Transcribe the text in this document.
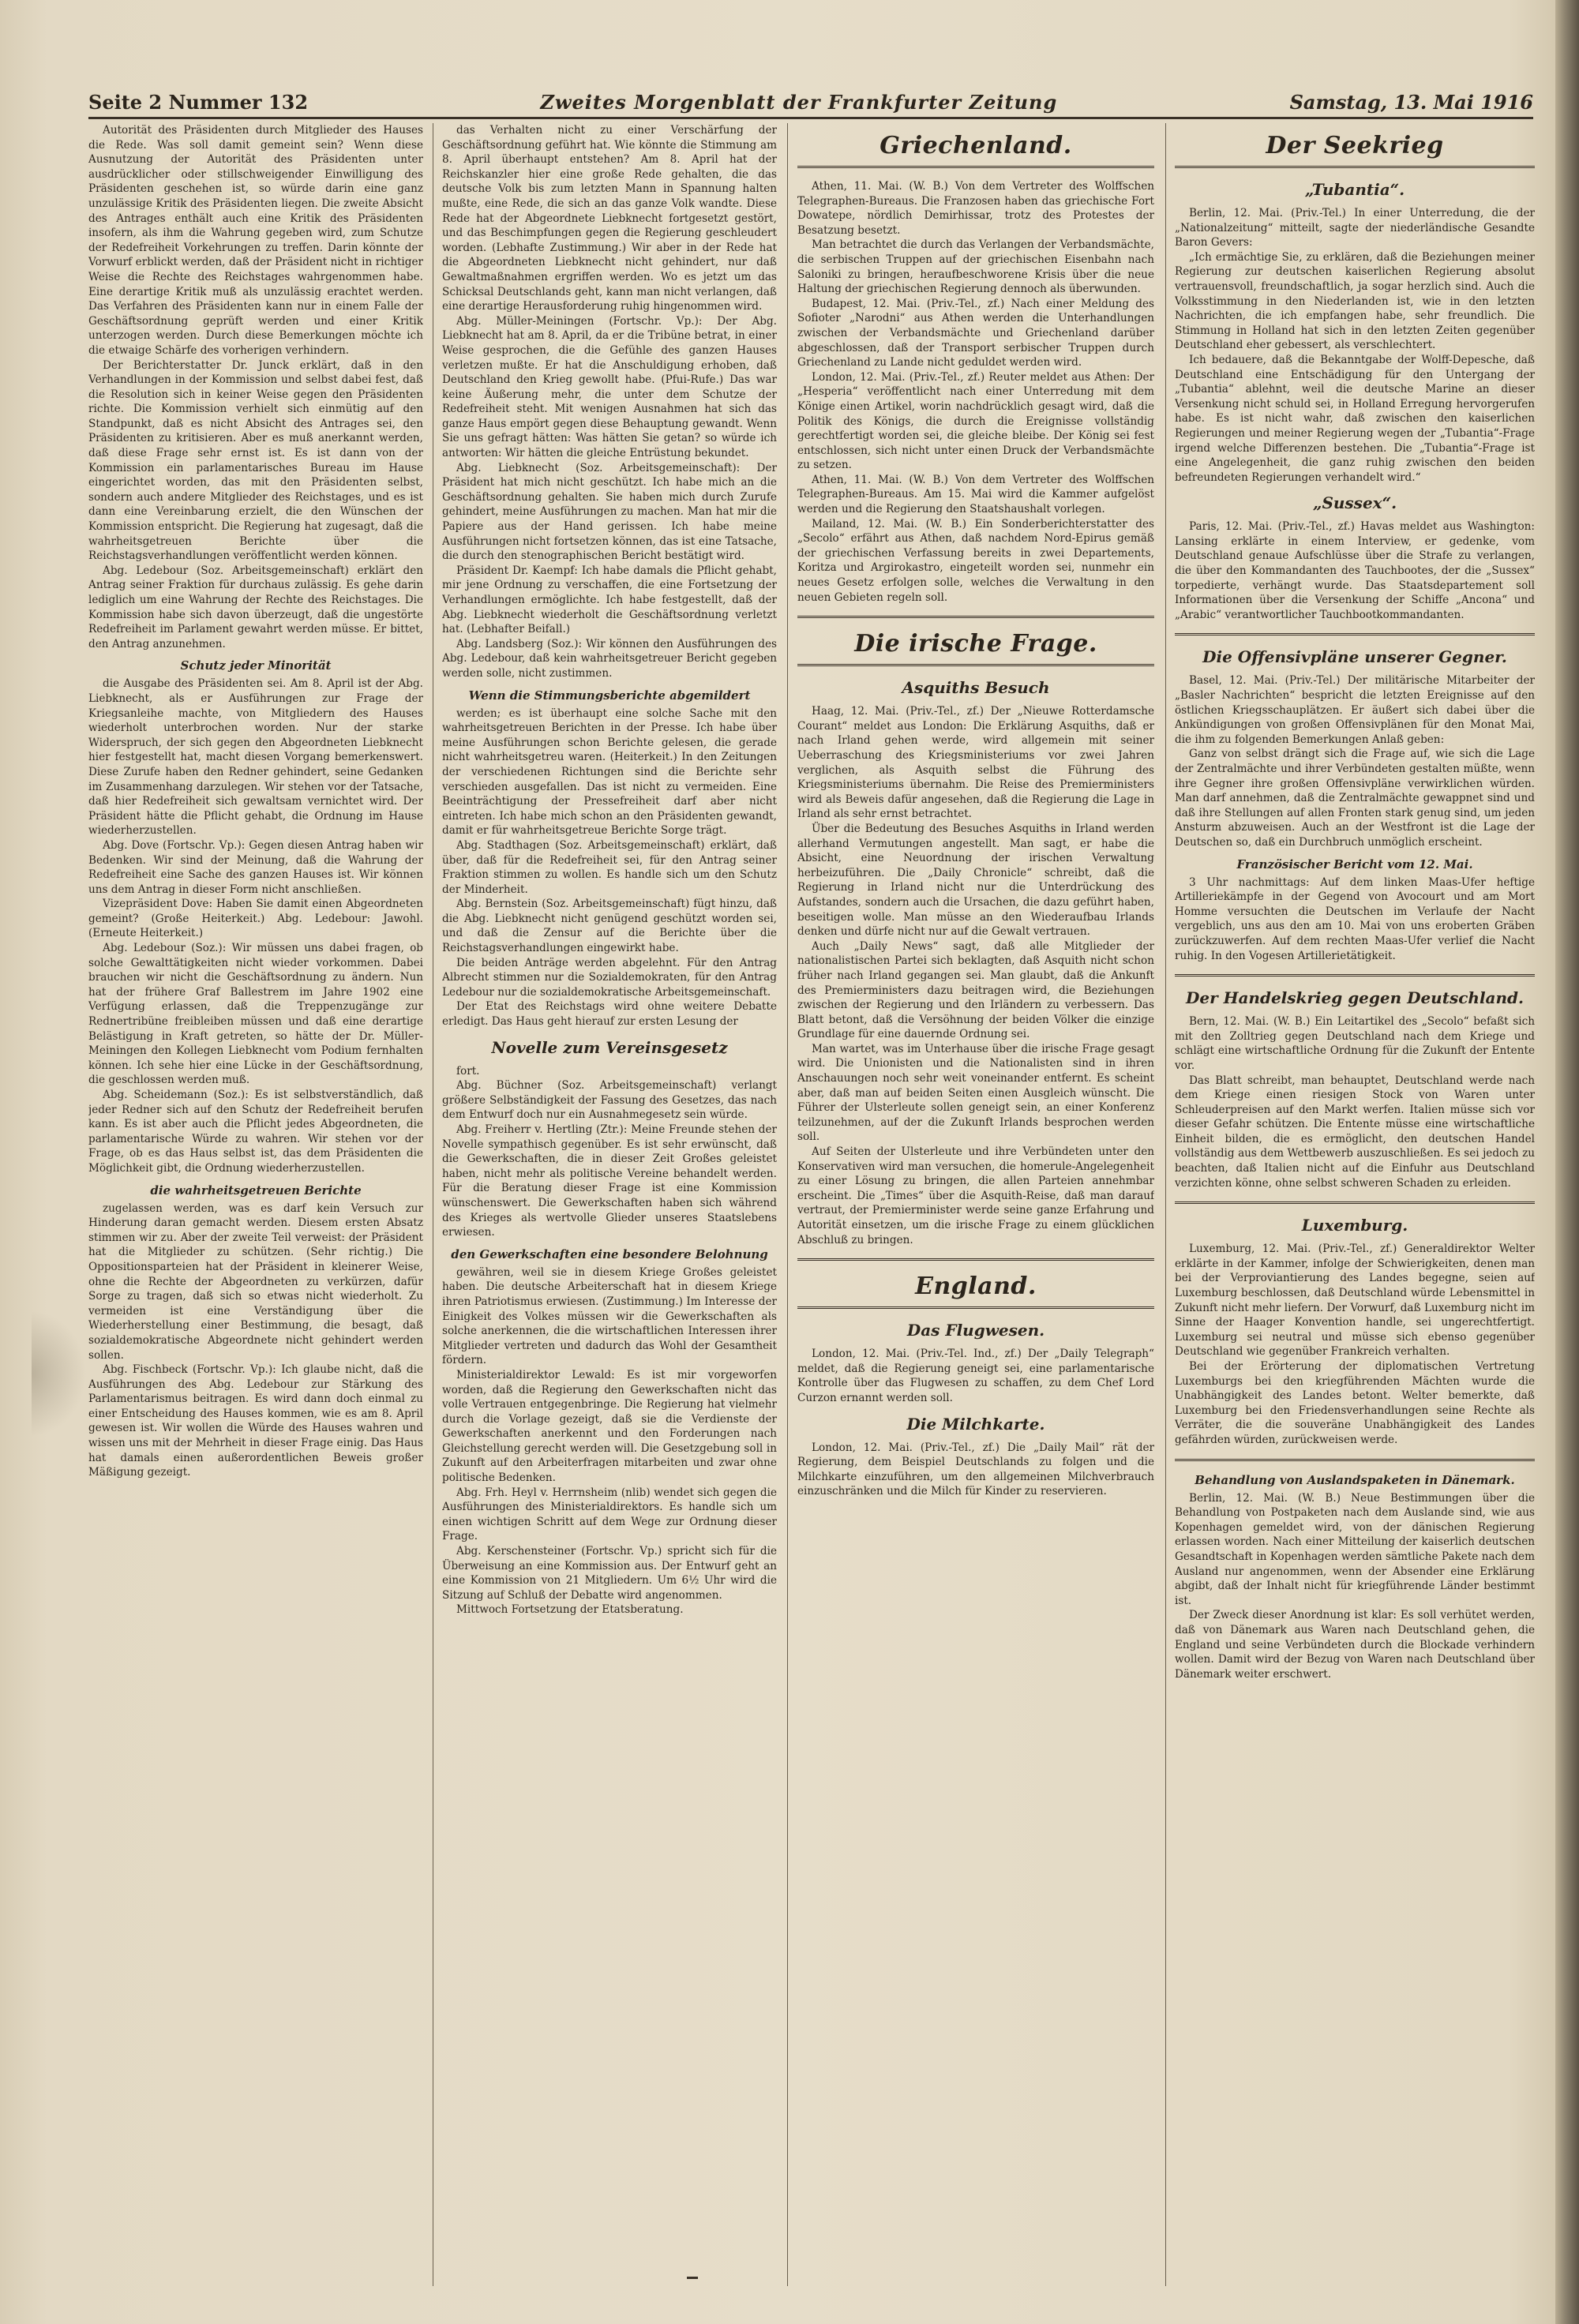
Seite 2 Nummer 132	Zweites Morgenblatt der Frankfurter Zeitung	Samstag, 13. Mai 1916

Autorität des Präsidenten durch Mitglieder des Hauses die Rede. Was soll damit gemeint sein? Wenn diese Ausnutzung der Autorität des Präsidenten unter ausdrücklicher oder stillschweigender Einwilligung des Präsidenten geschehen ist, so würde darin eine ganz unzulässige Kritik des Präsidenten liegen. Die zweite Absicht des Antrages enthält auch eine Kritik des Präsidenten insofern, als ihm die Wahrung gegeben wird, zum Schutze der Redefreiheit Vorkehrungen zu treffen. Darin könnte der Vorwurf erblickt werden, daß der Präsident nicht in richtiger Weise die Rechte des Reichstages wahrgenommen habe. Eine derartige Kritik muß als unzulässig erachtet werden. Das Verfahren des Präsidenten kann nur in einem Falle der Geschäftsordnung geprüft werden und einer Kritik unterzogen werden. Durch diese Bemerkungen möchte ich die etwaige Schärfe des vorherigen verhindern.

Der Berichterstatter Dr. Junck erklärt, daß in den Verhandlungen in der Kommission und selbst dabei fest, daß die Resolution sich in keiner Weise gegen den Präsidenten richte. Die Kommission verhielt sich einmütig auf den Standpunkt, daß es nicht Absicht des Antrages sei, den Präsidenten zu kritisieren. Aber es muß anerkannt werden, daß diese Frage sehr ernst ist. Es ist dann von der Kommission ein parlamentarisches Bureau im Hause eingerichtet worden, das mit den Präsidenten selbst, sondern auch andere Mitglieder des Reichstages, und es ist dann eine Vereinbarung erzielt, die den Wünschen der Kommission entspricht. Die Regierung hat zugesagt, daß die wahrheitsgetreuen Berichte über die Reichstagsverhandlungen veröffentlicht werden können.

Abg. Ledebour (Soz. Arbeitsgemeinschaft) erklärt den Antrag seiner Fraktion für durchaus zulässig. Es gehe darin lediglich um eine Wahrung der Rechte des Reichstages. Die Kommission habe sich davon überzeugt, daß die ungestörte Redefreiheit im Parlament gewahrt werden müsse. Er bittet, den Antrag anzunehmen.

Schutz jeder Minorität

die Ausgabe des Präsidenten sei. Am 8. April ist der Abg. Liebknecht, als er Ausführungen zur Frage der Kriegsanleihe machte, von Mitgliedern des Hauses wiederholt unterbrochen worden. Nur der starke Widerspruch, der sich gegen den Abgeordneten Liebknecht hier festgestellt hat, macht diesen Vorgang bemerkenswert. Diese Zurufe haben den Redner gehindert, seine Gedanken im Zusammenhang darzulegen. Wir stehen vor der Tatsache, daß hier Redefreiheit sich gewaltsam vernichtet wird. Der Präsident hätte die Pflicht gehabt, die Ordnung im Hause wiederherzustellen.

Abg. Dove (Fortschr. Vp.): Gegen diesen Antrag haben wir Bedenken. Wir sind der Meinung, daß die Wahrung der Redefreiheit eine Sache des ganzen Hauses ist. Wir können uns dem Antrag in dieser Form nicht anschließen.

Vizepräsident Dove: Haben Sie damit einen Abgeordneten gemeint? (Große Heiterkeit.) Abg. Ledebour: Jawohl. (Erneute Heiterkeit.)

Abg. Ledebour (Soz.): Wir müssen uns dabei fragen, ob solche Gewalttätigkeiten nicht wieder vorkommen. Dabei brauchen wir nicht die Geschäftsordnung zu ändern. Nun hat der frühere Graf Ballestrem im Jahre 1902 eine Verfügung erlassen, daß die Treppenzugänge zur Rednertribüne freibleiben müssen und daß eine derartige Belästigung in Kraft getreten, so hätte der Dr. Müller-Meiningen den Kollegen Liebknecht vom Podium fernhalten können. Ich sehe hier eine Lücke in der Geschäftsordnung, die geschlossen werden muß.

Abg. Scheidemann (Soz.): Es ist selbstverständlich, daß jeder Redner sich auf den Schutz der Redefreiheit berufen kann. Es ist aber auch die Pflicht jedes Abgeordneten, die parlamentarische Würde zu wahren. Wir stehen vor der Frage, ob es das Haus selbst ist, das dem Präsidenten die Möglichkeit gibt, die Ordnung wiederherzustellen.

die wahrheitsgetreuen Berichte

zugelassen werden, was es darf kein Versuch zur Hinderung daran gemacht werden. Diesem ersten Absatz stimmen wir zu. Aber der zweite Teil verweist: der Präsident hat die Mitglieder zu schützen. (Sehr richtig.) Die Oppositionsparteien hat der Präsident in kleinerer Weise, ohne die Rechte der Abgeordneten zu verkürzen, dafür Sorge zu tragen, daß sich so etwas nicht wiederholt. Zu vermeiden ist eine Verständigung über die Wiederherstellung einer Bestimmung, die besagt, daß sozialdemokratische Abgeordnete nicht gehindert werden sollen.

Abg. Fischbeck (Fortschr. Vp.): Ich glaube nicht, daß die Ausführungen des Abg. Ledebour zur Stärkung des Parlamentarismus beitragen. Es wird dann doch einmal zu einer Entscheidung des Hauses kommen, wie es am 8. April gewesen ist. Wir wollen die Würde des Hauses wahren und wissen uns mit der Mehrheit in dieser Frage einig. Das Haus hat damals einen außerordentlichen Beweis großer Mäßigung gezeigt.

das Verhalten nicht zu einer Verschärfung der Geschäftsordnung geführt hat. Wie könnte die Stimmung am 8. April überhaupt entstehen? Am 8. April hat der Reichskanzler hier eine große Rede gehalten, die das deutsche Volk bis zum letzten Mann in Spannung halten mußte, eine Rede, die sich an das ganze Volk wandte. Diese Rede hat der Abgeordnete Liebknecht fortgesetzt gestört, und das Beschimpfungen gegen die Regierung geschleudert worden. (Lebhafte Zustimmung.) Wir aber in der Rede hat die Abgeordneten Liebknecht nicht gehindert, nur daß Gewaltmaßnahmen ergriffen werden. Wo es jetzt um das Schicksal Deutschlands geht, kann man nicht verlangen, daß eine derartige Herausforderung ruhig hingenommen wird.

Abg. Müller-Meiningen (Fortschr. Vp.): Der Abg. Liebknecht hat am 8. April, da er die Tribüne betrat, in einer Weise gesprochen, die die Gefühle des ganzen Hauses verletzen mußte. Er hat die Anschuldigung erhoben, daß Deutschland den Krieg gewollt habe. (Pfui-Rufe.) Das war keine Äußerung mehr, die unter dem Schutze der Redefreiheit steht. Mit wenigen Ausnahmen hat sich das ganze Haus empört gegen diese Behauptung gewandt. Wenn Sie uns gefragt hätten: Was hätten Sie getan? so würde ich antworten: Wir hätten die gleiche Entrüstung bekundet.

Abg. Liebknecht (Soz. Arbeitsgemeinschaft): Der Präsident hat mich nicht geschützt. Ich habe mich an die Geschäftsordnung gehalten. Sie haben mich durch Zurufe gehindert, meine Ausführungen zu machen. Man hat mir die Papiere aus der Hand gerissen. Ich habe meine Ausführungen nicht fortsetzen können, das ist eine Tatsache, die durch den stenographischen Bericht bestätigt wird.

Präsident Dr. Kaempf: Ich habe damals die Pflicht gehabt, mir jene Ordnung zu verschaffen, die eine Fortsetzung der Verhandlungen ermöglichte. Ich habe festgestellt, daß der Abg. Liebknecht wiederholt die Geschäftsordnung verletzt hat. (Lebhafter Beifall.)

Abg. Landsberg (Soz.): Wir können den Ausführungen des Abg. Ledebour, daß kein wahrheitsgetreuer Bericht gegeben werden solle, nicht zustimmen.

Wenn die Stimmungsberichte abgemildert

werden; es ist überhaupt eine solche Sache mit den wahrheitsgetreuen Berichten in der Presse. Ich habe über meine Ausführungen schon Berichte gelesen, die gerade nicht wahrheitsgetreu waren. (Heiterkeit.) In den Zeitungen der verschiedenen Richtungen sind die Berichte sehr verschieden ausgefallen. Das ist nicht zu vermeiden. Eine Beeinträchtigung der Pressefreiheit darf aber nicht eintreten. Ich habe mich schon an den Präsidenten gewandt, damit er für wahrheitsgetreue Berichte Sorge trägt.

Abg. Stadthagen (Soz. Arbeitsgemeinschaft) erklärt, daß über, daß für die Redefreiheit sei, für den Antrag seiner Fraktion stimmen zu wollen. Es handle sich um den Schutz der Minderheit.

Abg. Bernstein (Soz. Arbeitsgemeinschaft) fügt hinzu, daß die Abg. Liebknecht nicht genügend geschützt worden sei, und daß die Zensur auf die Berichte über die Reichstagsverhandlungen eingewirkt habe.

Die beiden Anträge werden abgelehnt. Für den Antrag Albrecht stimmen nur die Sozialdemokraten, für den Antrag Ledebour nur die sozialdemokratische Arbeitsgemeinschaft.

Der Etat des Reichstags wird ohne weitere Debatte erledigt. Das Haus geht hierauf zur ersten Lesung der

Novelle zum Vereinsgesetz

fort.

Abg. Büchner (Soz. Arbeitsgemeinschaft) verlangt größere Selbständigkeit der Fassung des Gesetzes, das nach dem Entwurf doch nur ein Ausnahmegesetz sein würde.

Abg. Freiherr v. Hertling (Ztr.): Meine Freunde stehen der Novelle sympathisch gegenüber. Es ist sehr erwünscht, daß die Gewerkschaften, die in dieser Zeit Großes geleistet haben, nicht mehr als politische Vereine behandelt werden. Für die Beratung dieser Frage ist eine Kommission wünschenswert. Die Gewerkschaften haben sich während des Krieges als wertvolle Glieder unseres Staatslebens erwiesen.

den Gewerkschaften eine besondere Belohnung

gewähren, weil sie in diesem Kriege Großes geleistet haben. Die deutsche Arbeiterschaft hat in diesem Kriege ihren Patriotismus erwiesen. (Zustimmung.) Im Interesse der Einigkeit des Volkes müssen wir die Gewerkschaften als solche anerkennen, die die wirtschaftlichen Interessen ihrer Mitglieder vertreten und dadurch das Wohl der Gesamtheit fördern.

Ministerialdirektor Lewald: Es ist mir vorgeworfen worden, daß die Regierung den Gewerkschaften nicht das volle Vertrauen entgegenbringe. Die Regierung hat vielmehr durch die Vorlage gezeigt, daß sie die Verdienste der Gewerkschaften anerkennt und den Forderungen nach Gleichstellung gerecht werden will. Die Gesetzgebung soll in Zukunft auf den Arbeiterfragen mitarbeiten und zwar ohne politische Bedenken.

Abg. Frh. Heyl v. Herrnsheim (nlib) wendet sich gegen die Ausführungen des Ministerialdirektors. Es handle sich um einen wichtigen Schritt auf dem Wege zur Ordnung dieser Frage.

Abg. Kerschensteiner (Fortschr. Vp.) spricht sich für die Überweisung an eine Kommission aus. Der Entwurf geht an eine Kommission von 21 Mitgliedern. Um 6½ Uhr wird die Sitzung auf Schluß der Debatte wird angenommen.

Mittwoch Fortsetzung der Etatsberatung.

Griechenland.

Athen, 11. Mai. (W. B.) Von dem Vertreter des Wolffschen Telegraphen-Bureaus. Die Franzosen haben das griechische Fort Dowatepe, nördlich Demirhissar, trotz des Protestes der Besatzung besetzt.

Man betrachtet die durch das Verlangen der Verbandsmächte, die serbischen Truppen auf der griechischen Eisenbahn nach Saloniki zu bringen, heraufbeschworene Krisis über die neue Haltung der griechischen Regierung dennoch als überwunden.

Budapest, 12. Mai. (Priv.-Tel., zf.) Nach einer Meldung des Sofioter „Narodni“ aus Athen werden die Unterhandlungen zwischen der Verbandsmächte und Griechenland darüber abgeschlossen, daß der Transport serbischer Truppen durch Griechenland zu Lande nicht geduldet werden wird.

London, 12. Mai. (Priv.-Tel., zf.) Reuter meldet aus Athen: Der „Hesperia“ veröffentlicht nach einer Unterredung mit dem Könige einen Artikel, worin nachdrücklich gesagt wird, daß die Politik des Königs, die durch die Ereignisse vollständig gerechtfertigt worden sei, die gleiche bleibe. Der König sei fest entschlossen, sich nicht unter einen Druck der Verbandsmächte zu setzen.

Athen, 11. Mai. (W. B.) Von dem Vertreter des Wolffschen Telegraphen-Bureaus. Am 15. Mai wird die Kammer aufgelöst werden und die Regierung den Staatshaushalt vorlegen.

Mailand, 12. Mai. (W. B.) Ein Sonderberichterstatter des „Secolo“ erfährt aus Athen, daß nachdem Nord-Epirus gemäß der griechischen Verfassung bereits in zwei Departements, Koritza und Argirokastro, eingeteilt worden sei, nunmehr ein neues Gesetz erfolgen solle, welches die Verwaltung in den neuen Gebieten regeln soll.

Die irische Frage.
Asquiths Besuch

Haag, 12. Mai. (Priv.-Tel., zf.) Der „Nieuwe Rotterdamsche Courant“ meldet aus London: Die Erklärung Asquiths, daß er nach Irland gehen werde, wird allgemein mit seiner Ueberraschung des Kriegsministeriums vor zwei Jahren verglichen, als Asquith selbst die Führung des Kriegsministeriums übernahm. Die Reise des Premierministers wird als Beweis dafür angesehen, daß die Regierung die Lage in Irland als sehr ernst betrachtet.

Über die Bedeutung des Besuches Asquiths in Irland werden allerhand Vermutungen angestellt. Man sagt, er habe die Absicht, eine Neuordnung der irischen Verwaltung herbeizuführen. Die „Daily Chronicle“ schreibt, daß die Regierung in Irland nicht nur die Unterdrückung des Aufstandes, sondern auch die Ursachen, die dazu geführt haben, beseitigen wolle. Man müsse an den Wiederaufbau Irlands denken und dürfe nicht nur auf die Gewalt vertrauen.

Auch „Daily News“ sagt, daß alle Mitglieder der nationalistischen Partei sich beklagten, daß Asquith nicht schon früher nach Irland gegangen sei. Man glaubt, daß die Ankunft des Premierministers dazu beitragen wird, die Beziehungen zwischen der Regierung und den Irländern zu verbessern. Das Blatt betont, daß die Versöhnung der beiden Völker die einzige Grundlage für eine dauernde Ordnung sei.

Man wartet, was im Unterhause über die irische Frage gesagt wird. Die Unionisten und die Nationalisten sind in ihren Anschauungen noch sehr weit voneinander entfernt. Es scheint aber, daß man auf beiden Seiten einen Ausgleich wünscht. Die Führer der Ulsterleute sollen geneigt sein, an einer Konferenz teilzunehmen, auf der die Zukunft Irlands besprochen werden soll.

Auf Seiten der Ulsterleute und ihre Verbündeten unter den Konservativen wird man versuchen, die homerule-Angelegenheit zu einer Lösung zu bringen, die allen Parteien annehmbar erscheint. Die „Times“ über die Asquith-Reise, daß man darauf vertraut, der Premierminister werde seine ganze Erfahrung und Autorität einsetzen, um die irische Frage zu einem glücklichen Abschluß zu bringen.

England.
Das Flugwesen.

London, 12. Mai. (Priv.-Tel. Ind., zf.) Der „Daily Telegraph“ meldet, daß die Regierung geneigt sei, eine parlamentarische Kontrolle über das Flugwesen zu schaffen, zu dem Chef Lord Curzon ernannt werden soll.

Die Milchkarte.

London, 12. Mai. (Priv.-Tel., zf.) Die „Daily Mail“ rät der Regierung, dem Beispiel Deutschlands zu folgen und die Milchkarte einzuführen, um den allgemeinen Milchverbrauch einzuschränken und die Milch für Kinder zu reservieren.

Der Seekrieg
„Tubantia“.

Berlin, 12. Mai. (Priv.-Tel.) In einer Unterredung, die der „Nationalzeitung“ mitteilt, sagte der niederländische Gesandte Baron Gevers:

„Ich ermächtige Sie, zu erklären, daß die Beziehungen meiner Regierung zur deutschen kaiserlichen Regierung absolut vertrauensvoll, freundschaftlich, ja sogar herzlich sind. Auch die Volksstimmung in den Niederlanden ist, wie in den letzten Nachrichten, die ich empfangen habe, sehr freundlich. Die Stimmung in Holland hat sich in den letzten Zeiten gegenüber Deutschland eher gebessert, als verschlechtert.

Ich bedauere, daß die Bekanntgabe der Wolff-Depesche, daß Deutschland eine Entschädigung für den Untergang der „Tubantia“ ablehnt, weil die deutsche Marine an dieser Versenkung nicht schuld sei, in Holland Erregung hervorgerufen habe. Es ist nicht wahr, daß zwischen den kaiserlichen Regierungen und meiner Regierung wegen der „Tubantia“-Frage irgend welche Differenzen bestehen. Die „Tubantia“-Frage ist eine Angelegenheit, die ganz ruhig zwischen den beiden befreundeten Regierungen verhandelt wird.“

„Sussex“.

Paris, 12. Mai. (Priv.-Tel., zf.) Havas meldet aus Washington: Lansing erklärte in einem Interview, er gedenke, vom Deutschland genaue Aufschlüsse über die Strafe zu verlangen, die über den Kommandanten des Tauchbootes, der die „Sussex“ torpedierte, verhängt wurde. Das Staatsdepartement soll Informationen über die Versenkung der Schiffe „Ancona“ und „Arabic“ verantwortlicher Tauchbootkommandanten.

Die Offensivpläne unserer Gegner.

Basel, 12. Mai. (Priv.-Tel.) Der militärische Mitarbeiter der „Basler Nachrichten“ bespricht die letzten Ereignisse auf den östlichen Kriegsschauplätzen. Er äußert sich dabei über die Ankündigungen von großen Offensivplänen für den Monat Mai, die ihm zu folgenden Bemerkungen Anlaß geben:

Ganz von selbst drängt sich die Frage auf, wie sich die Lage der Zentralmächte und ihrer Verbündeten gestalten müßte, wenn ihre Gegner ihre großen Offensivpläne verwirklichen würden. Man darf annehmen, daß die Zentralmächte gewappnet sind und daß ihre Stellungen auf allen Fronten stark genug sind, um jeden Ansturm abzuweisen. Auch an der Westfront ist die Lage der Deutschen so, daß ein Durchbruch unmöglich erscheint.

Französischer Bericht vom 12. Mai.

3 Uhr nachmittags: Auf dem linken Maas-Ufer heftige Artilleriekämpfe in der Gegend von Avocourt und am Mort Homme versuchten die Deutschen im Verlaufe der Nacht vergeblich, uns aus den am 10. Mai von uns eroberten Gräben zurückzuwerfen. Auf dem rechten Maas-Ufer verlief die Nacht ruhig. In den Vogesen Artillerietätigkeit.

Der Handelskrieg gegen Deutschland.

Bern, 12. Mai. (W. B.) Ein Leitartikel des „Secolo“ befaßt sich mit den Zolltrieg gegen Deutschland nach dem Kriege und schlägt eine wirtschaftliche Ordnung für die Zukunft der Entente vor.

Das Blatt schreibt, man behauptet, Deutschland werde nach dem Kriege einen riesigen Stock von Waren unter Schleuderpreisen auf den Markt werfen. Italien müsse sich vor dieser Gefahr schützen. Die Entente müsse eine wirtschaftliche Einheit bilden, die es ermöglicht, den deutschen Handel vollständig aus dem Wettbewerb auszuschließen. Es sei jedoch zu beachten, daß Italien nicht auf die Einfuhr aus Deutschland verzichten könne, ohne selbst schweren Schaden zu erleiden.

Luxemburg.

Luxemburg, 12. Mai. (Priv.-Tel., zf.) Generaldirektor Welter erklärte in der Kammer, infolge der Schwierigkeiten, denen man bei der Verproviantierung des Landes begegne, seien auf Luxemburg beschlossen, daß Deutschland würde Lebensmittel in Zukunft nicht mehr liefern. Der Vorwurf, daß Luxemburg nicht im Sinne der Haager Konvention handle, sei ungerechtfertigt. Luxemburg sei neutral und müsse sich ebenso gegenüber Deutschland wie gegenüber Frankreich verhalten.

Bei der Erörterung der diplomatischen Vertretung Luxemburgs bei den kriegführenden Mächten wurde die Unabhängigkeit des Landes betont. Welter bemerkte, daß Luxemburg bei den Friedensverhandlungen seine Rechte als Verräter, die die souveräne Unabhängigkeit des Landes gefährden würden, zurückweisen werde.

Behandlung von Auslandspaketen in Dänemark.

Berlin, 12. Mai. (W. B.) Neue Bestimmungen über die Behandlung von Postpaketen nach dem Auslande sind, wie aus Kopenhagen gemeldet wird, von der dänischen Regierung erlassen worden. Nach einer Mitteilung der kaiserlich deutschen Gesandtschaft in Kopenhagen werden sämtliche Pakete nach dem Ausland nur angenommen, wenn der Absender eine Erklärung abgibt, daß der Inhalt nicht für kriegführende Länder bestimmt ist.

Der Zweck dieser Anordnung ist klar: Es soll verhütet werden, daß von Dänemark aus Waren nach Deutschland gehen, die England und seine Verbündeten durch die Blockade verhindern wollen. Damit wird der Bezug von Waren nach Deutschland über Dänemark weiter erschwert.
